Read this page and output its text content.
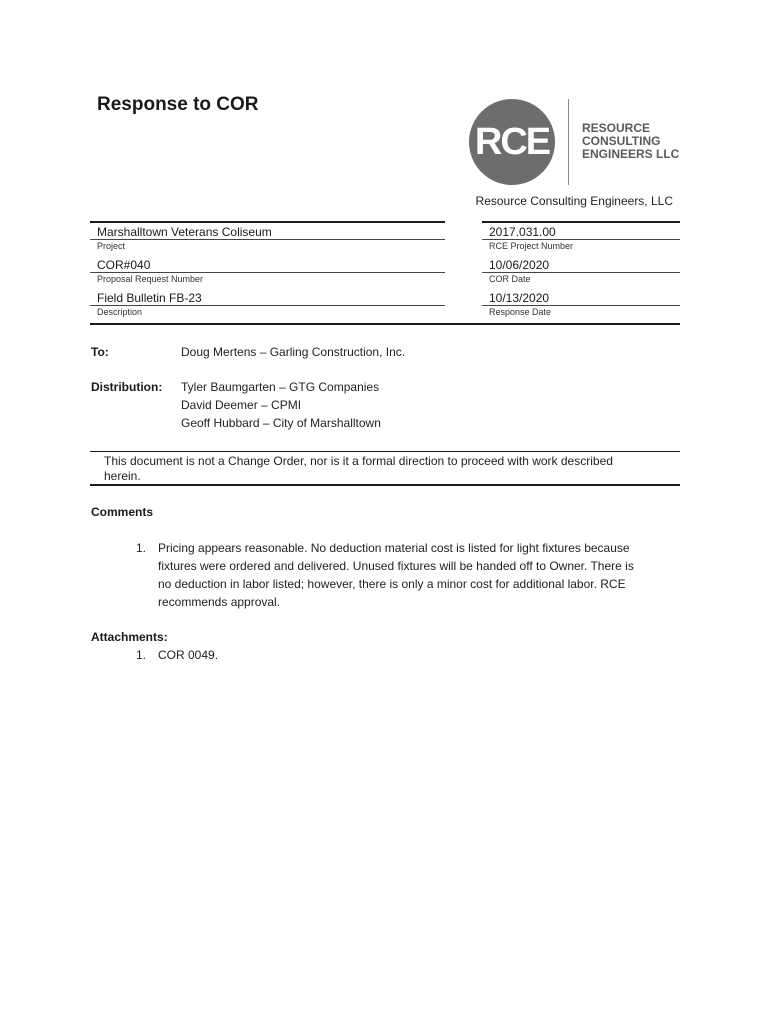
Response to COR
RCE	RESOURCE
CONSULTING
ENGINEERS LLC
Resource Consulting Engineers, LLC
Marshalltown Veterans Coliseum
Project
2017.031.00
RCE Project Number
COR#040
Proposal Request Number
10/06/2020
COR Date
Field Bulletin FB-23
Description
10/13/2020
Response Date
To:	Doug Mertens – Garling Construction, Inc.
Distribution: Tyler Baumgarten – GTG Companies
David Deemer – CPMI
Geoff Hubbard – City of Marshalltown
This document is not a Change Order, nor is it a formal direction to proceed with work described
herein.
Comments
1. Pricing appears reasonable. No deduction material cost is listed for light fixtures because
fixtures were ordered and delivered. Unused fixtures will be handed off to Owner. There is
no deduction in labor listed; however, there is only a minor cost for additional labor. RCE
recommends approval.
Attachments:
1. COR 0049.
